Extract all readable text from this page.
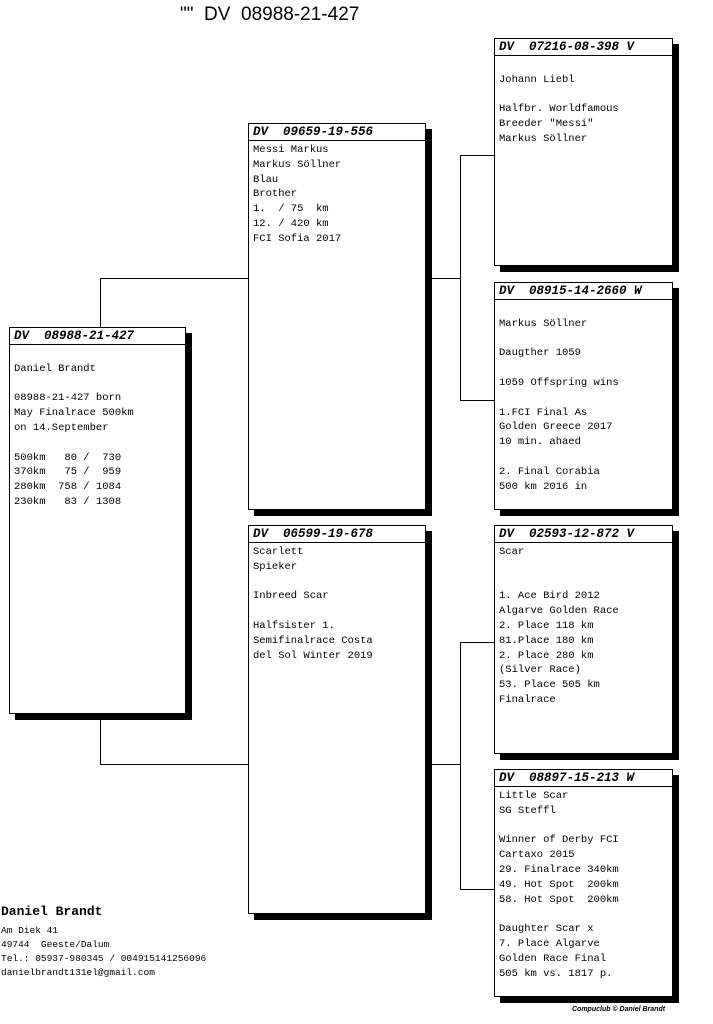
""  DV  08988-21-427
DV  08988-21-427

Daniel Brandt

08988-21-427 born
May Finalrace 500km
on 14.September

500km   80 /  730
370km   75 /  959
280km  758 / 1084
230km   83 / 1308
DV  09659-19-556
Messi Markus
Markus Söllner
Blau
Brother
1.  / 75  km
12. / 420 km
FCI Sofia 2017
DV  06599-19-678
Scarlett
Spieker

Inbreed Scar

Halfsister 1.
Semifinalrace Costa
del Sol Winter 2019
DV  07216-08-398 V

Johann Liebl

Halfbr. Worldfamous
Breeder "Messi"
Markus Söllner
DV  08915-14-2660 W

Markus Söllner

Daugther 1059

1059 Offspring wins

1.FCI Final As
Golden Greece 2017
10 min. ahaed

2. Final Corabia
500 km 2016 in
DV  02593-12-872 V
Scar

1. Ace Bird 2012
Algarve Golden Race
2. Place 118 km
81.Place 180 km
2. Place 280 km
(Silver Race)
53. Place 505 km
Finalrace
DV  08897-15-213 W
Little Scar
SG Steffl

Winner of Derby FCI
Cartaxo 2015
29. Finalrace 340km
49. Hot Spot  200km
58. Hot Spot  200km

Daughter Scar x
7. Place Algarve
Golden Race Final
505 km vs. 1817 p.
Daniel Brandt
Am Diek 41
49744  Geeste/Dalum
Tel.: 05937-980345 / 004915141256096
danielbrandt131el@gmail.com
Compuclub © Daniel Brandt
